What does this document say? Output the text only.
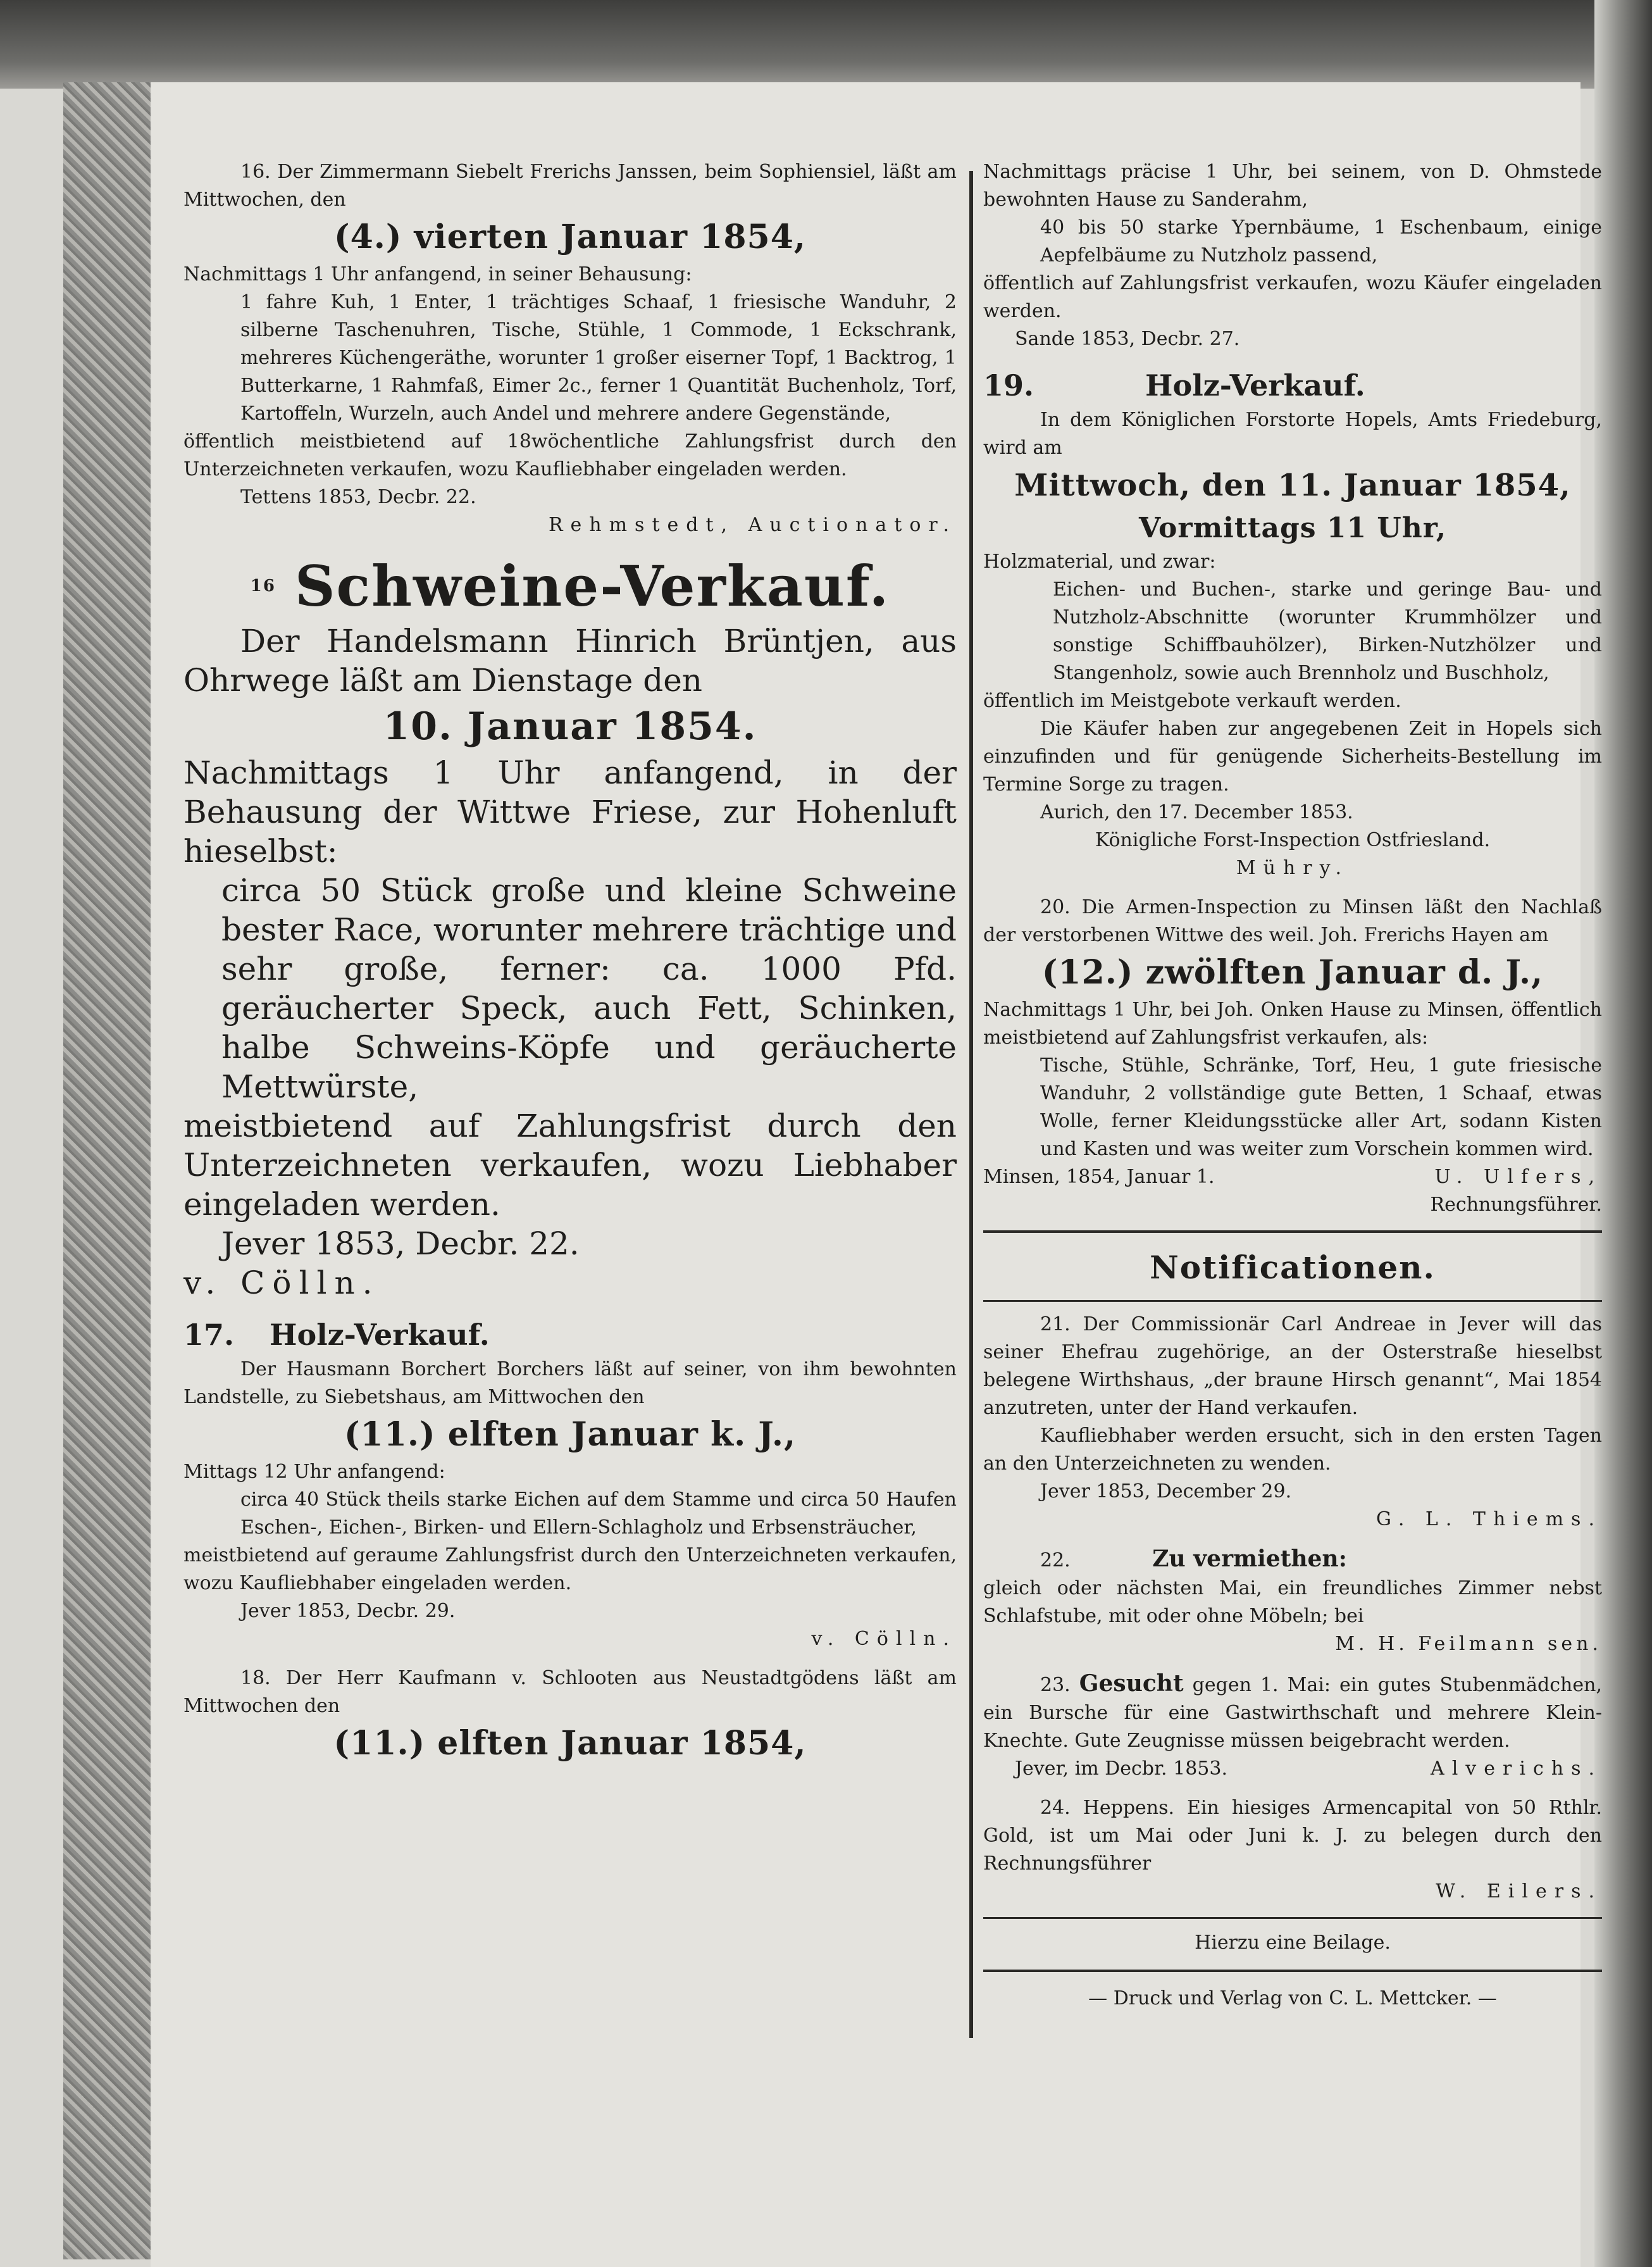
16. Der Zimmermann Siebelt Frerichs Janssen, beim Sophiensiel, läßt am Mittwochen, den

(4.) vierten Januar 1854,

Nachmittags 1 Uhr anfangend, in seiner Behausung:

1 fahre Kuh, 1 Enter, 1 trächtiges Schaaf, 1 friesische Wanduhr, 2 silberne Taschenuhren, Tische, Stühle, 1 Commode, 1 Eckschrank, mehreres Küchengeräthe, worunter 1 großer eiserner Topf, 1 Backtrog, 1 Butterkarne, 1 Rahmfaß, Eimer 2c., ferner 1 Quantität Buchenholz, Torf, Kartoffeln, Wurzeln, auch Andel und mehrere andere Gegenstände,

öffentlich meistbietend auf 18wöchentliche Zahlungsfrist durch den Unterzeichneten verkaufen, wozu Kaufliebhaber eingeladen werden.

Tettens 1853, Decbr. 22.

Rehmstedt, Auctionator.

$^{16}$ Schweine-Verkauf.

Der Handelsmann Hinrich Brüntjen, aus Ohrwege läßt am Dienstage den

10. Januar 1854.

Nachmittags 1 Uhr anfangend, in der Behausung der Wittwe Friese, zur Hohenluft hieselbst:

circa 50 Stück große und kleine Schweine bester Race, worunter mehrere trächtige und sehr große, ferner: ca. 1000 Pfd. geräucherter Speck, auch Fett, Schinken, halbe Schweins-Köpfe und geräucherte Mettwürste,

meistbietend auf Zahlungsfrist durch den Unterzeichneten verkaufen, wozu Liebhaber eingeladen werden.

Jever 1853, Decbr. 22.

v. Cölln.

17. Holz-Verkauf.

Der Hausmann Borchert Borchers läßt auf seiner, von ihm bewohnten Landstelle, zu Siebetshaus, am Mittwochen den

(11.) elften Januar k. J.,

Mittags 12 Uhr anfangend:

circa 40 Stück theils starke Eichen auf dem Stamme und circa 50 Haufen Eschen-, Eichen-, Birken- und Ellern-Schlagholz und Erbsensträucher,

meistbietend auf geraume Zahlungsfrist durch den Unterzeichneten verkaufen, wozu Kaufliebhaber eingeladen werden.

Jever 1853, Decbr. 29.

v. Cölln.

18. Der Herr Kaufmann v. Schlooten aus Neustadtgödens läßt am Mittwochen den

(11.) elften Januar 1854,

Nachmittags präcise 1 Uhr, bei seinem, von D. Ohmstede bewohnten Hause zu Sanderahm,

40 bis 50 starke Ypernbäume, 1 Eschenbaum, einige Aepfelbäume zu Nutzholz passend,

öffentlich auf Zahlungsfrist verkaufen, wozu Käufer eingeladen werden.

Sande 1853, Decbr. 27.

19.	Holz-Verkauf.

In dem Königlichen Forstorte Hopels, Amts Friedeburg, wird am

Mittwoch, den 11. Januar 1854,

Vormittags 11 Uhr,

Holzmaterial, und zwar:

Eichen- und Buchen-, starke und geringe Bau- und Nutzholz-Abschnitte (worunter Krummhölzer und sonstige Schiffbauhölzer), Birken-Nutzhölzer und Stangenholz, sowie auch Brennholz und Buschholz,

öffentlich im Meistgebote verkauft werden.

Die Käufer haben zur angegebenen Zeit in Hopels sich einzufinden und für genügende Sicherheits-Bestellung im Termine Sorge zu tragen.

Aurich, den 17. December 1853.

Königliche Forst-Inspection Ostfriesland.

Mühry.

20. Die Armen-Inspection zu Minsen läßt den Nachlaß der verstorbenen Wittwe des weil. Joh. Frerichs Hayen am

(12.) zwölften Januar d. J.,

Nachmittags 1 Uhr, bei Joh. Onken Hause zu Minsen, öffentlich meistbietend auf Zahlungsfrist verkaufen, als:

Tische, Stühle, Schränke, Torf, Heu, 1 gute friesische Wanduhr, 2 vollständige gute Betten, 1 Schaaf, etwas Wolle, ferner Kleidungsstücke aller Art, sodann Kisten und Kasten und was weiter zum Vorschein kommen wird.

Minsen, 1854, Januar 1.	U. Ulfers,

Rechnungsführer.

Notificationen.

21. Der Commissionär Carl Andreae in Jever will das seiner Ehefrau zugehörige, an der Osterstraße hieselbst belegene Wirthshaus, „der braune Hirsch genannt“, Mai 1854 anzutreten, unter der Hand verkaufen.

Kaufliebhaber werden ersucht, sich in den ersten Tagen an den Unterzeichneten zu wenden.

Jever 1853, December 29.

G. L. Thiems.

22.	Zu vermiethen:

gleich oder nächsten Mai, ein freundliches Zimmer nebst Schlafstube, mit oder ohne Möbeln; bei

M. H. Feilmann sen.

23. Gesucht gegen 1. Mai: ein gutes Stubenmädchen, ein Bursche für eine Gastwirthschaft und mehrere Klein-Knechte. Gute Zeugnisse müssen beigebracht werden.

Jever, im Decbr. 1853.	Alverichs.

24. Heppens. Ein hiesiges Armencapital von 50 Rthlr. Gold, ist um Mai oder Juni k. J. zu belegen durch den Rechnungsführer

W. Eilers.

Hierzu eine Beilage.

— Druck und Verlag von C. L. Mettcker. —
